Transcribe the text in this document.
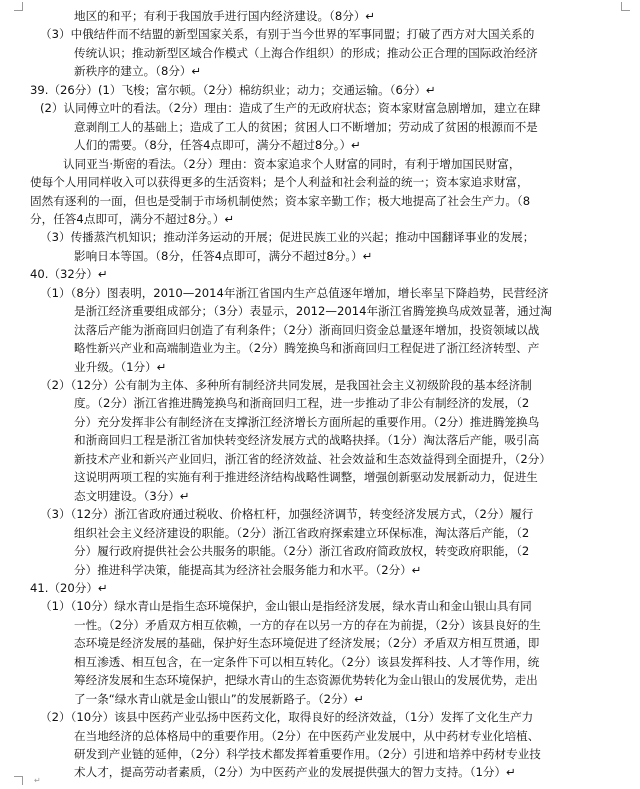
地区的和平；有利于我国放手进行国内经济建设。（8分）↵
（3）中俄结件而不结盟的新型国家关系，有别于当今世界的军事同盟；打破了西方对大国关系的
传统认识；推动新型区域合作模式（上海合作组织）的形成；推动公正合理的国际政治经济
新秩序的建立。（8分）↵
39.（26分）(1）飞梭；富尔顿。（2分）棉纺织业；动力；交通运输。（6分）↵
(2）认同傅立叶的看法。（2分）理由：造成了生产的无政府状态；资本家财富急剧增加，建立在肆
意剥削工人的基础上；造成了工人的贫困；贫困人口不断增加；劳动成了贫困的根源而不是
人们的需要。（8分，任答4点即可，满分不超过8分。）↵
认同亚当·斯密的看法。（2分）理由：资本家追求个人财富的同时，有利于增加国民财富，
使每个人用同样收入可以获得更多的生活资料；是个人利益和社会利益的统一；资本家追求财富，
固然有逐利的一面，但也是受制于市场机制使然；资本家辛勤工作；极大地提高了社会生产力。（8
分，任答4点即可，满分不超过8分。）↵
（3）传播蒸汽机知识；推动洋务运动的开展；促进民族工业的兴起；推动中国翻译事业的发展；
影响日本等国。（8分，任答4点即可，满分不超过8分。）↵
40.（32分）↵
（1）（8分）图表明，2010—2014年浙江省国内生产总值逐年增加，增长率呈下降趋势，民营经济
是浙江经济重要组成部分；（3分）表显示，2012—2014年浙江省腾笼换鸟成效显著，通过淘
汰落后产能为浙商回归创造了有利条件；（2分）浙商回归资金总量逐年增加，投资领域以战
略性新兴产业和高端制造业为主。（2分）腾笼换鸟和浙商回归工程促进了浙江经济转型、产
业升级。（1分）↵
（2）（12分）公有制为主体、多种所有制经济共同发展，是我国社会主义初级阶段的基本经济制
度。（2分）浙江省推进腾笼换鸟和浙商回归工程，进一步推动了非公有制经济的发展，（2
分）充分发挥非公有制经济在支撑浙江经济增长方面所起的重要作用。（2分）推进腾笼换鸟
和浙商回归工程是浙江省加快转变经济发展方式的战略抉择。（1分）淘汰落后产能，吸引高
新技术产业和新兴产业回归，浙江省的经济效益、社会效益和生态效益得到全面提升，（2分）
这说明两项工程的实施有利于推进经济结构战略性调整，增强创新驱动发展新动力，促进生
态文明建设。（3分）↵
（3）（12分）浙江省政府通过税收、价格杠杆，加强经济调节，转变经济发展方式，（2分）履行
组织社会主义经济建设的职能。（2分）浙江省政府探索建立环保标准，淘汰落后产能，（2
分）履行政府提供社会公共服务的职能。（2分）浙江省政府简政放权，转变政府职能，（2
分）推进科学决策，能提高其为经济社会服务能力和水平。（2分）↵
41.（20分）↵
（1）（10分）绿水青山是指生态环境保护，金山银山是指经济发展，绿水青山和金山银山具有同
一性。（2分）矛盾双方相互依赖，一方的存在以另一方的存在为前提，（2分）该县良好的生
态环境是经济发展的基础，保护好生态环境促进了经济发展；（2分）矛盾双方相互贯通，即
相互渗透、相互包含，在一定条件下可以相互转化。（2分）该县发挥科技、人才等作用，统
筹经济发展和生态环境保护，把绿水青山的生态资源优势转化为金山银山的发展优势，走出
了一条“绿水青山就是金山银山”的发展新路子。（2分）↵
（2）（10分）该县中医药产业弘扬中医药文化，取得良好的经济效益，（1分）发挥了文化生产力
在当地经济的总体格局中的重要作用。（2分）在中医药产业发展中，从中药材专业化培植、
研发到产业链的延伸，（2分）科学技术都发挥着重要作用。（2分）引进和培养中药材专业技
术人才，提高劳动者素质，（2分）为中医药产业的发展提供强大的智力支持。（1分）↵
↵
